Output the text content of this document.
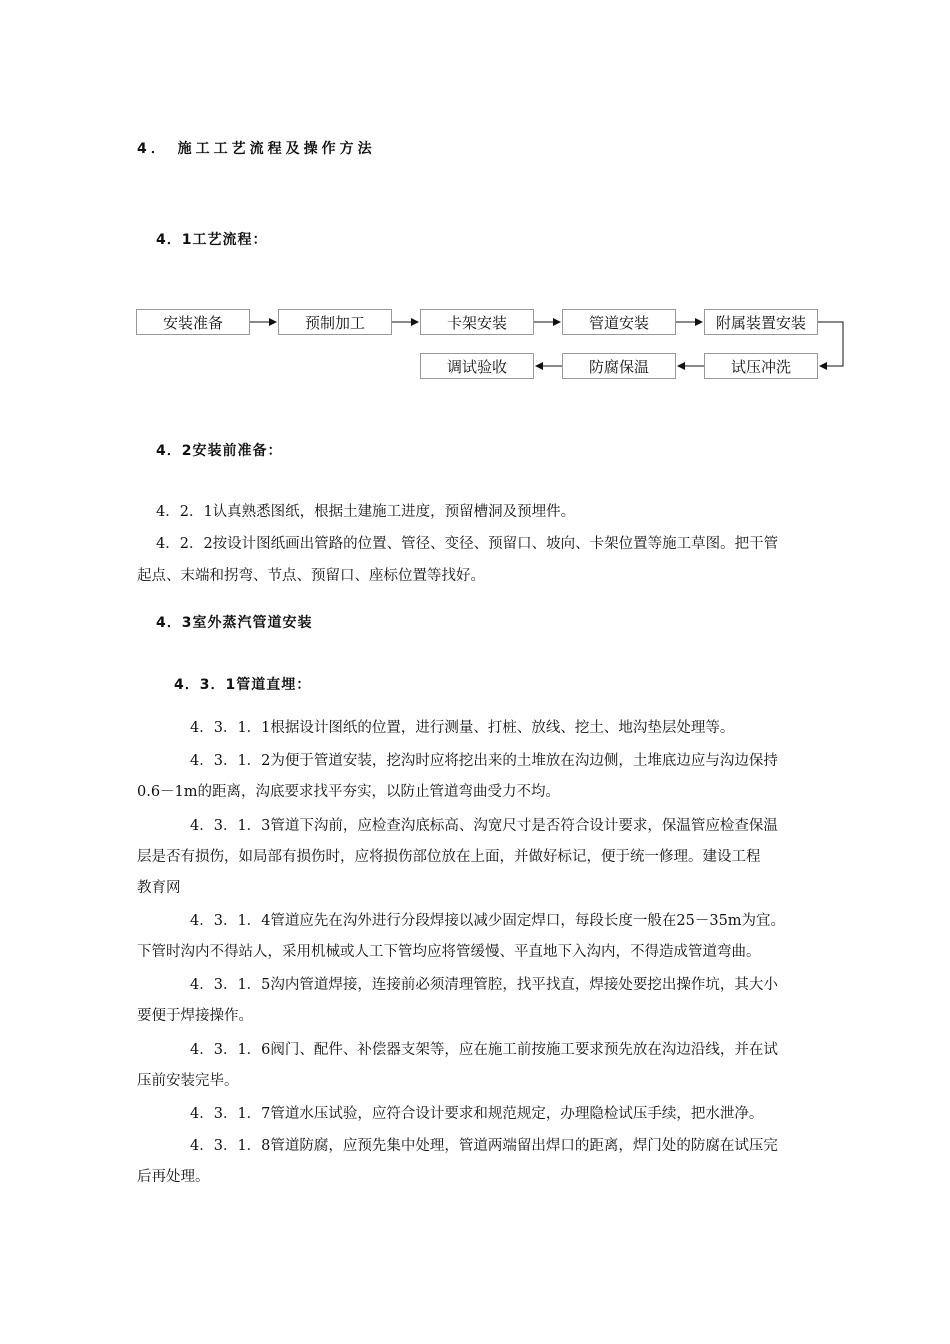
4． 施工工艺流程及操作方法
4．1工艺流程：
安装准备	预制加工	卡架安装	管道安装	附属装置安装
调试验收	防腐保温	试压冲洗
4．2安装前准备：
4．2．1认真熟悉图纸，根据土建施工进度，预留槽洞及预埋件。
4．2．2按设计图纸画出管路的位置、管径、变径、预留口、坡向、卡架位置等施工草图。把干管
起点、末端和拐弯、节点、预留口、座标位置等找好。
4．3室外蒸汽管道安装
4．3．1管道直埋：
4．3．1．1根据设计图纸的位置，进行测量、打桩、放线、挖土、地沟垫层处理等。
4．3．1．2为便于管道安装，挖沟时应将挖出来的土堆放在沟边侧，土堆底边应与沟边保持
0.6－1m的距离，沟底要求找平夯实，以防止管道弯曲受力不均。
4．3．1．3管道下沟前，应检查沟底标高、沟宽尺寸是否符合设计要求，保温管应检查保温
层是否有损伤，如局部有损伤时，应将损伤部位放在上面，并做好标记，便于统一修理。建设工程
教育网
4．3．1．4管道应先在沟外进行分段焊接以减少固定焊口，每段长度一般在25－35m为宜。
下管时沟内不得站人，采用机械或人工下管均应将管缓慢、平直地下入沟内，不得造成管道弯曲。
4．3．1．5沟内管道焊接，连接前必须清理管腔，找平找直，焊接处要挖出操作坑，其大小
要便于焊接操作。
4．3．1．6阀门、配件、补偿器支架等，应在施工前按施工要求预先放在沟边沿线，并在试
压前安装完毕。
4．3．1．7管道水压试验，应符合设计要求和规范规定，办理隐检试压手续，把水泄净。
4．3．1．8管道防腐，应预先集中处理，管道两端留出焊口的距离，焊门处的防腐在试压完
后再处理。
